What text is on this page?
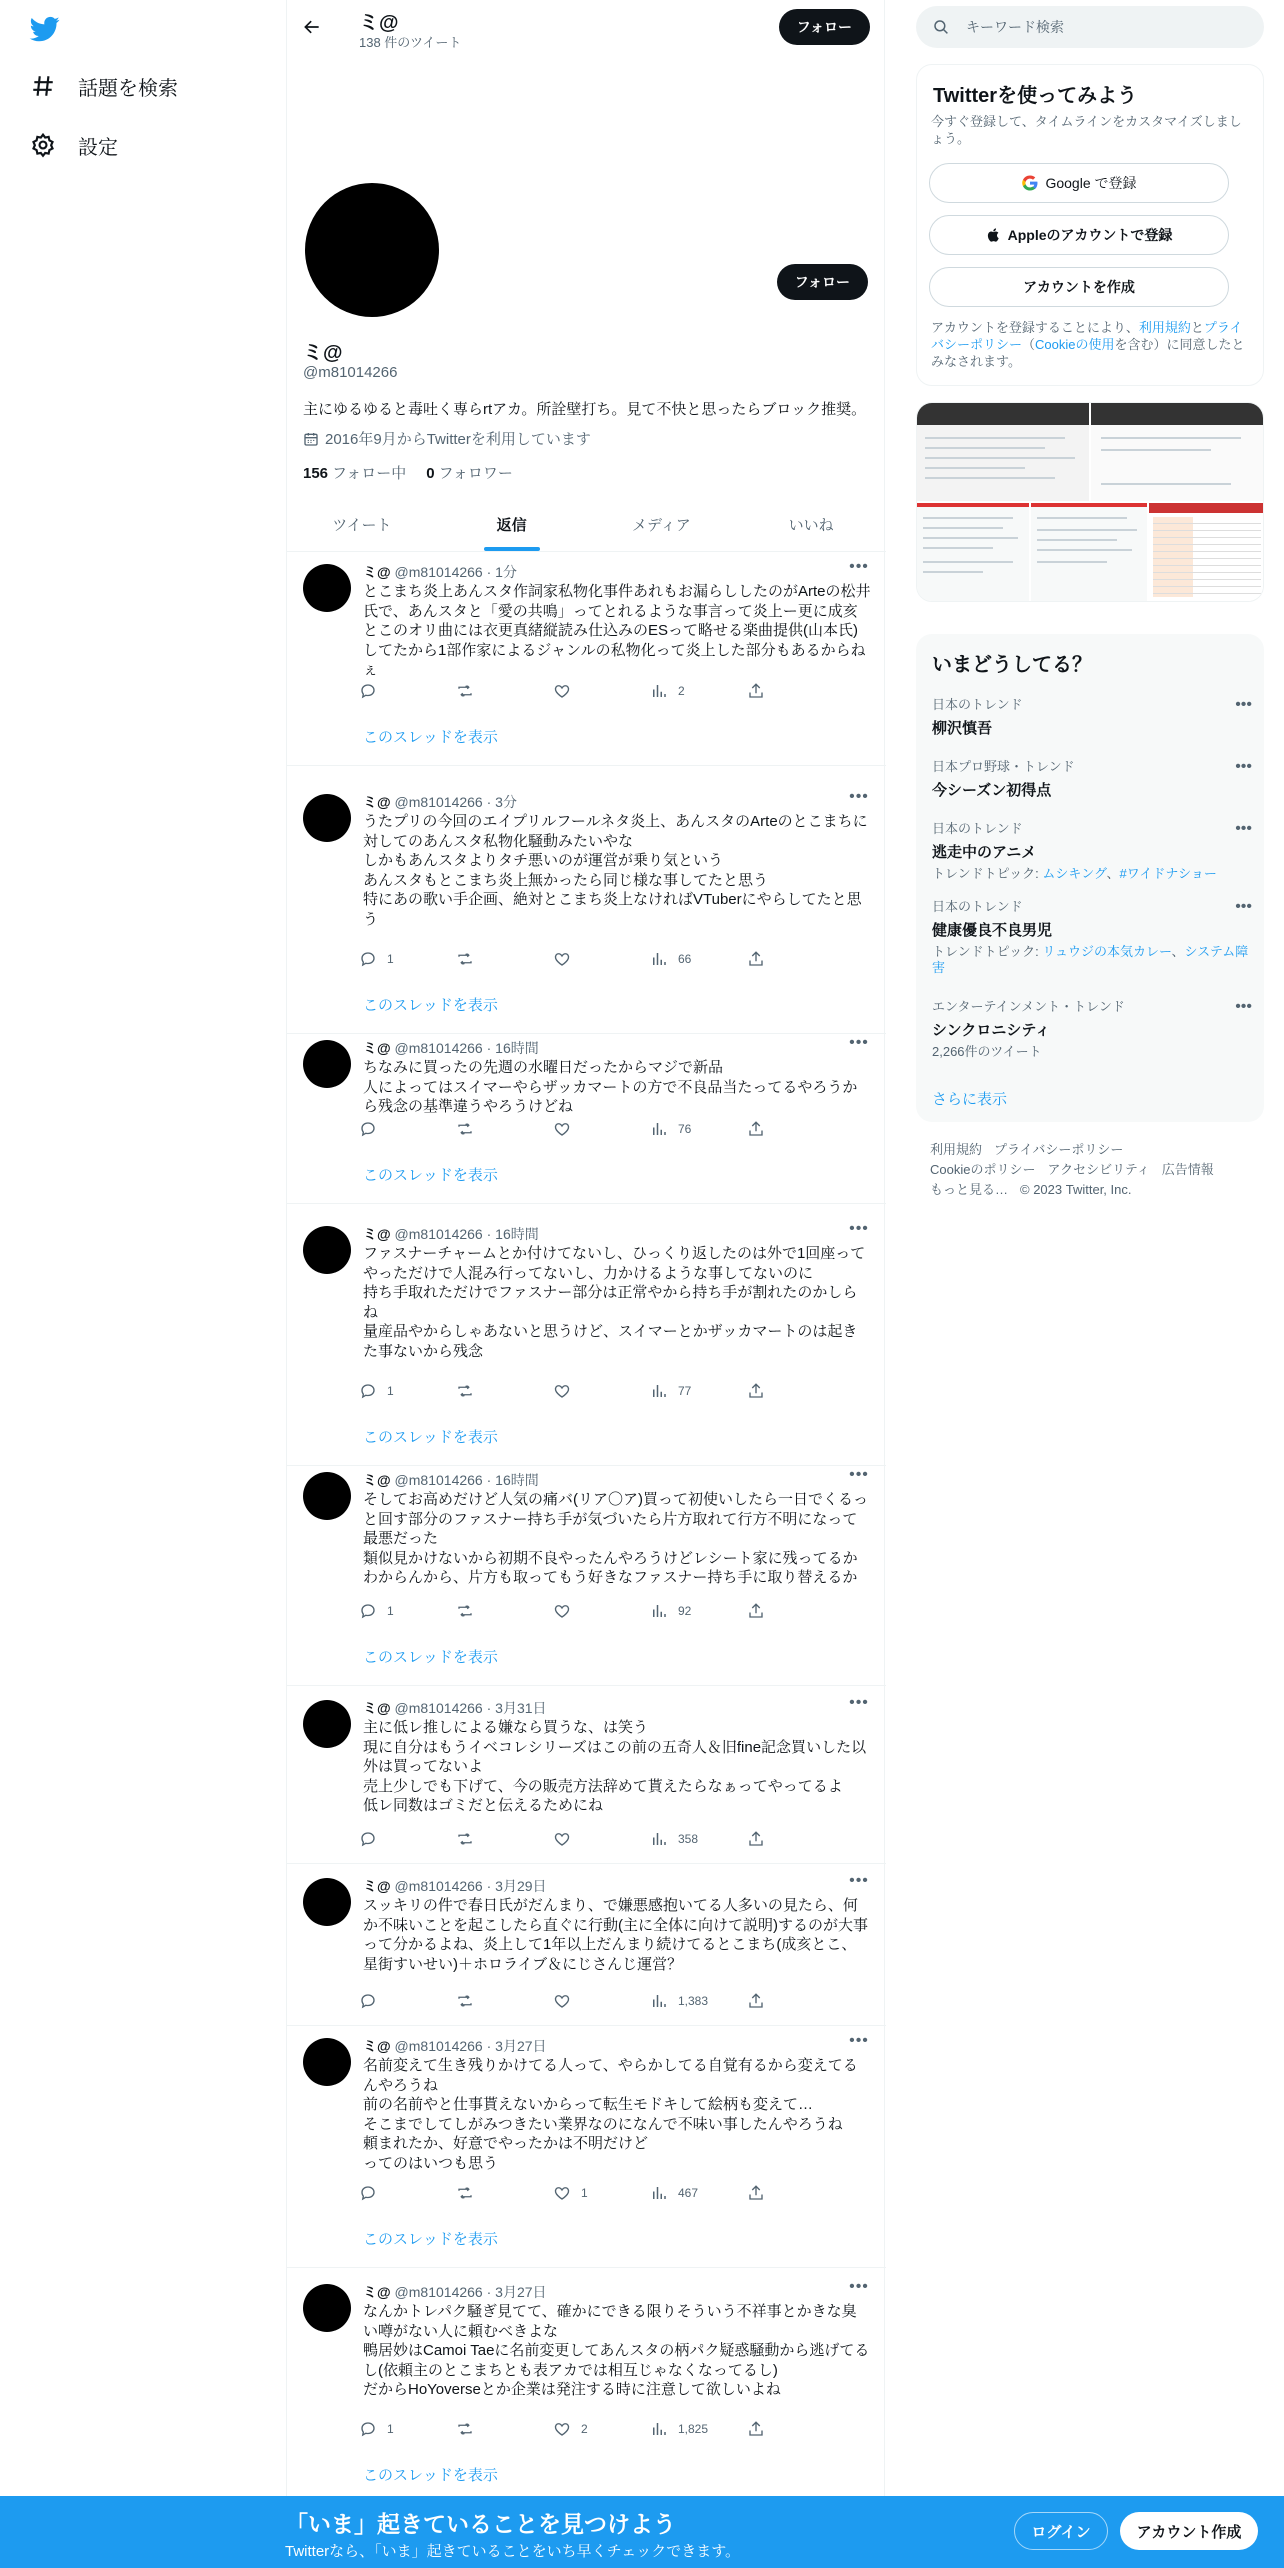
話題を検索
設定
ミ@
138 件のツイート
フォロー
フォロー
ミ@
@m81014266
主にゆるゆると毒吐く専らrtアカ。所詮壁打ち。見て不快と思ったらブロック推奨。
2016年9月からTwitterを利用しています
156 フォロー中 0 フォロワー
ツイート	返信	メディア	いいね
ミ@ @m81014266 · 1分	•••
とこまち炎上あんスタ作詞家私物化事件あれもお漏らししたのがArteの松井氏で、あんスタと「愛の共鳴」ってとれるような事言って炎上ー更に成亥とこのオリ曲には衣更真緒縦読み仕込みのESって略せる楽曲提供(山本氏)してたから1部作家によるジャンルの私物化って炎上した部分もあるからねぇ
2
このスレッドを表示
ミ@ @m81014266 · 3分	•••
うたプリの今回のエイプリルフールネタ炎上、あんスタのArteのとこまちに対してのあんスタ私物化騒動みたいやな
しかもあんスタよりタチ悪いのが運営が乗り気という
あんスタもとこまち炎上無かったら同じ様な事してたと思う
特にあの歌い手企画、絶対とこまち炎上なければVTuberにやらしてたと思う
1	66
このスレッドを表示
ミ@ @m81014266 · 16時間	•••
ちなみに買ったの先週の水曜日だったからマジで新品
人によってはスイマーやらザッカマートの方で不良品当たってるやろうから残念の基準違うやろうけどね
76
このスレッドを表示
ミ@ @m81014266 · 16時間	•••
ファスナーチャームとか付けてないし、ひっくり返したのは外で1回座ってやっただけで人混み行ってないし、力かけるような事してないのに
持ち手取れただけでファスナー部分は正常やから持ち手が割れたのかしらね
量産品やからしゃあないと思うけど、スイマーとかザッカマートのは起きた事ないから残念
1	77
このスレッドを表示
ミ@ @m81014266 · 16時間	•••
そしてお高めだけど人気の痛バ(リア〇ア)買って初使いしたら一日でくるっと回す部分のファスナー持ち手が気づいたら片方取れて行方不明になって最悪だった
類似見かけないから初期不良やったんやろうけどレシート家に残ってるかわからんから、片方も取ってもう好きなファスナー持ち手に取り替えるか
1	92
このスレッドを表示
ミ@ @m81014266 · 3月31日	•••
主に低レ推しによる嫌なら買うな、は笑う
現に自分はもうイベコレシリーズはこの前の五奇人＆旧fine記念買いした以外は買ってないよ
売上少しでも下げて、今の販売方法辞めて貰えたらなぁってやってるよ
低レ同数はゴミだと伝えるためにね
358
ミ@ @m81014266 · 3月29日	•••
スッキリの件で春日氏がだんまり、で嫌悪感抱いてる人多いの見たら、何か不味いことを起こしたら直ぐに行動(主に全体に向けて説明)するのが大事って分かるよね、炎上して1年以上だんまり続けてるとこまち(成亥とこ、星街すいせい)＋ホロライブ＆にじさんじ運営？
1,383
ミ@ @m81014266 · 3月27日	•••
名前変えて生き残りかけてる人って、やらかしてる自覚有るから変えてるんやろうね
前の名前やと仕事貰えないからって転生モドキして絵柄も変えて…
そこまでしてしがみつきたい業界なのになんで不味い事したんやろうね
頼まれたか、好意でやったかは不明だけど
ってのはいつも思う
1	467
このスレッドを表示
ミ@ @m81014266 · 3月27日	•••
なんかトレパク騒ぎ見てて、確かにできる限りそういう不祥事とかきな臭い噂がない人に頼むべきよな
鴨居妙はCamoi Taeに名前変更してあんスタの柄パク疑惑騒動から逃げてるし(依頼主のとこまちとも表アカでは相互じゃなくなってるし)
だからHoYoverseとか企業は発注する時に注意して欲しいよね
1	2	1,825
このスレッドを表示
キーワード検索
Twitterを使ってみよう
今すぐ登録して、タイムラインをカスタマイズしましょう。
Google で登録
Appleのアカウントで登録
アカウントを作成
アカウントを登録することにより、利用規約とプライバシーポリシー（Cookieの使用を含む）に同意したとみなされます。
いまどうしてる？
日本のトレンド
柳沢慎吾
•••
日本プロ野球・トレンド
今シーズン初得点
•••
日本のトレンド
逃走中のアニメ
トレンドトピック: ムシキング、#ワイドナショー
•••
日本のトレンド
健康優良不良男児
トレンドトピック: リュウジの本気カレー、システム障害
•••
エンターテインメント・トレンド
シンクロニシティ
2,266件のツイート
•••
さらに表示
利用規約 プライバシーポリシー
Cookieのポリシー アクセシビリティ 広告情報
もっと見る… © 2023 Twitter, Inc.
「いま」起きていることを見つけよう
Twitterなら、「いま」起きていることをいち早くチェックできます。
ログイン	アカウント作成
